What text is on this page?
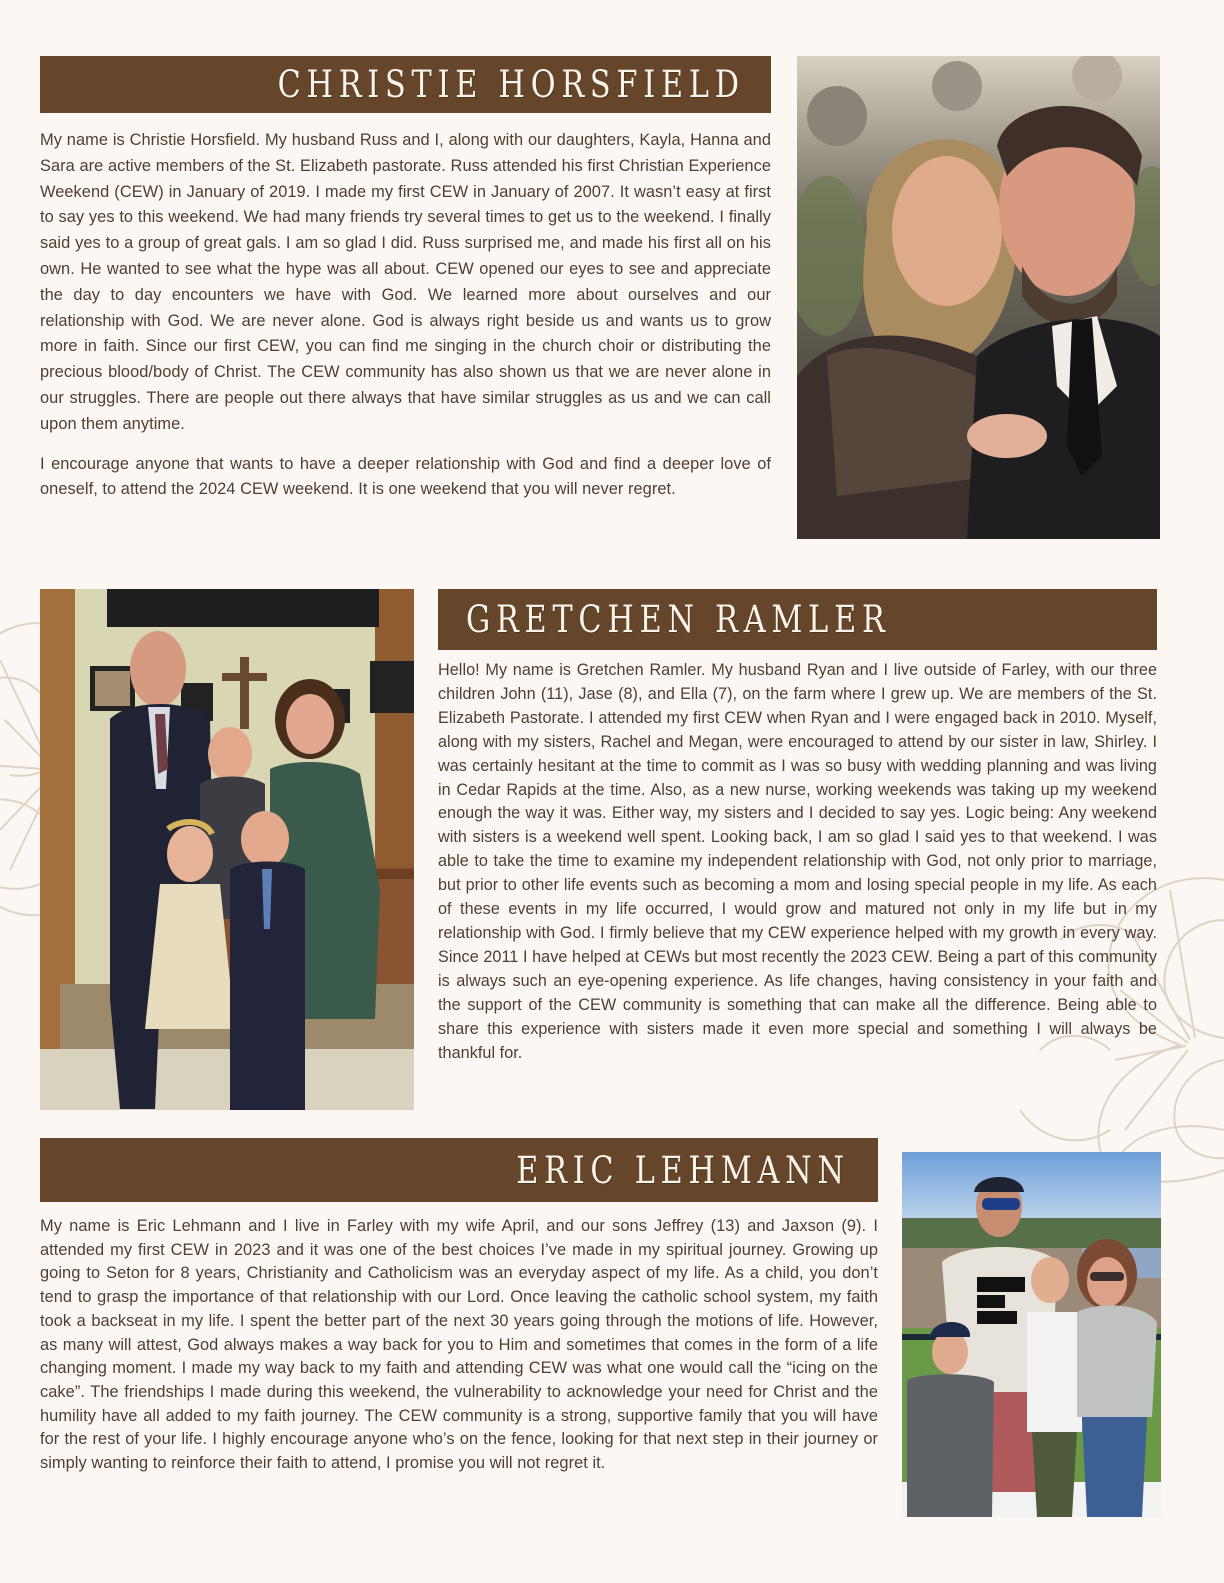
CHRISTIE HORSFIELD

My name is Christie Horsfield. My husband Russ and I, along with our daughters, Kayla, Hanna and Sara are active members of the St. Elizabeth pastorate. Russ attended his first Christian Experience Weekend (CEW) in January of 2019. I made my first CEW in January of 2007. It wasn’t easy at first to say yes to this weekend. We had many friends try several times to get us to the weekend. I finally said yes to a group of great gals. I am so glad I did. Russ surprised me, and made his first all on his own. He wanted to see what the hype was all about. CEW opened our eyes to see and appreciate the day to day encounters we have with God. We learned more about ourselves and our relationship with God. We are never alone. God is always right beside us and wants us to grow more in faith. Since our first CEW, you can find me singing in the church choir or distributing the precious blood/body of Christ. The CEW community has also shown us that we are never alone in our struggles. There are people out there always that have similar struggles as us and we can call upon them anytime.

I encourage anyone that wants to have a deeper relationship with God and find a deeper love of oneself, to attend the 2024 CEW weekend. It is one weekend that you will never regret.

GRETCHEN RAMLER

Hello! My name is Gretchen Ramler. My husband Ryan and I live outside of Farley, with our three children John (11), Jase (8), and Ella (7), on the farm where I grew up. We are members of the St. Elizabeth Pastorate. I attended my first CEW when Ryan and I were engaged back in 2010. Myself, along with my sisters, Rachel and Megan, were encouraged to attend by our sister in law, Shirley. I was certainly hesitant at the time to commit as I was so busy with wedding planning and was living in Cedar Rapids at the time. Also, as a new nurse, working weekends was taking up my weekend enough the way it was. Either way, my sisters and I decided to say yes. Logic being: Any weekend with sisters is a weekend well spent. Looking back, I am so glad I said yes to that weekend. I was able to take the time to examine my independent relationship with God, not only prior to marriage, but prior to other life events such as becoming a mom and losing special people in my life. As each of these events in my life occurred, I would grow and matured not only in my life but in my relationship with God. I firmly believe that my CEW experience helped with my growth in every way. Since 2011 I have helped at CEWs but most recently the 2023 CEW. Being a part of this community is always such an eye-opening experience. As life changes, having consistency in your faith and the support of the CEW community is something that can make all the difference. Being able to share this experience with sisters made it even more special and something I will always be thankful for.

ERIC LEHMANN

My name is Eric Lehmann and I live in Farley with my wife April, and our sons Jeffrey (13) and Jaxson (9). I attended my first CEW in 2023 and it was one of the best choices I’ve made in my spiritual journey. Growing up going to Seton for 8 years, Christianity and Catholicism was an everyday aspect of my life. As a child, you don’t tend to grasp the importance of that relationship with our Lord. Once leaving the catholic school system, my faith took a backseat in my life. I spent the better part of the next 30 years going through the motions of life. However, as many will attest, God always makes a way back for you to Him and sometimes that comes in the form of a life changing moment. I made my way back to my faith and attending CEW was what one would call the “icing on the cake”. The friendships I made during this weekend, the vulnerability to acknowledge your need for Christ and the humility have all added to my faith journey. The CEW community is a strong, supportive family that you will have for the rest of your life. I highly encourage anyone who’s on the fence, looking for that next step in their journey or simply wanting to reinforce their faith to attend, I promise you will not regret it.
